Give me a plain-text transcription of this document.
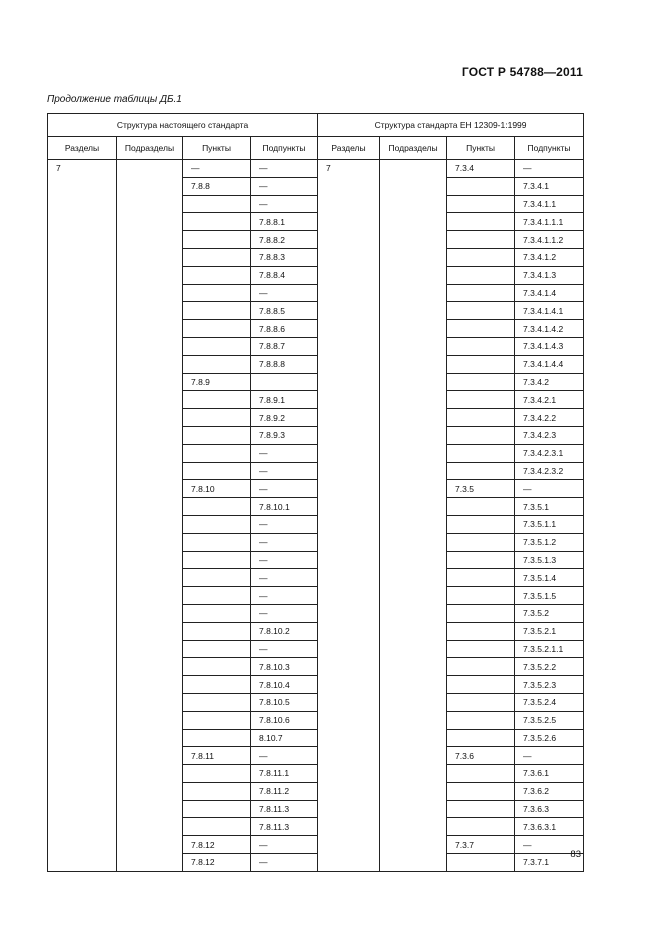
ГОСТ Р 54788—2011
Продолжение таблицы ДБ.1
Структура настоящего стандарта				Структура стандарта ЕН 12309-1:1999			
Разделы	Подразделы	Пункты	Подпункты	Разделы	Подразделы	Пункты	Подпункты

7		—	—	7		7.3.4	—
		7.8.8	—				7.3.4.1
			—				7.3.4.1.1
			7.8.8.1				7.3.4.1.1.1
			7.8.8.2				7.3.4.1.1.2
			7.8.8.3				7.3.4.1.2
			7.8.8.4				7.3.4.1.3
			—				7.3.4.1.4
			7.8.8.5				7.3.4.1.4.1
			7.8.8.6				7.3.4.1.4.2
			7.8.8.7				7.3.4.1.4.3
			7.8.8.8				7.3.4.1.4.4
		7.8.9					7.3.4.2
			7.8.9.1				7.3.4.2.1
			7.8.9.2				7.3.4.2.2
			7.8.9.3				7.3.4.2.3
			—				7.3.4.2.3.1
			—				7.3.4.2.3.2
		7.8.10	—			7.3.5	—
			7.8.10.1				7.3.5.1
			—				7.3.5.1.1
			—				7.3.5.1.2
			—				7.3.5.1.3
			—				7.3.5.1.4
			—				7.3.5.1.5
			—				7.3.5.2
			7.8.10.2				7.3.5.2.1
			—				7.3.5.2.1.1
			7.8.10.3				7.3.5.2.2
			7.8.10.4				7.3.5.2.3
			7.8.10.5				7.3.5.2.4
			7.8.10.6				7.3.5.2.5
			8.10.7				7.3.5.2.6
		7.8.11	—			7.3.6	—
			7.8.11.1				7.3.6.1
			7.8.11.2				7.3.6.2
			7.8.11.3				7.3.6.3
			7.8.11.3				7.3.6.3.1
		7.8.12	—			7.3.7	—
		7.8.12	—				7.3.7.1
83
